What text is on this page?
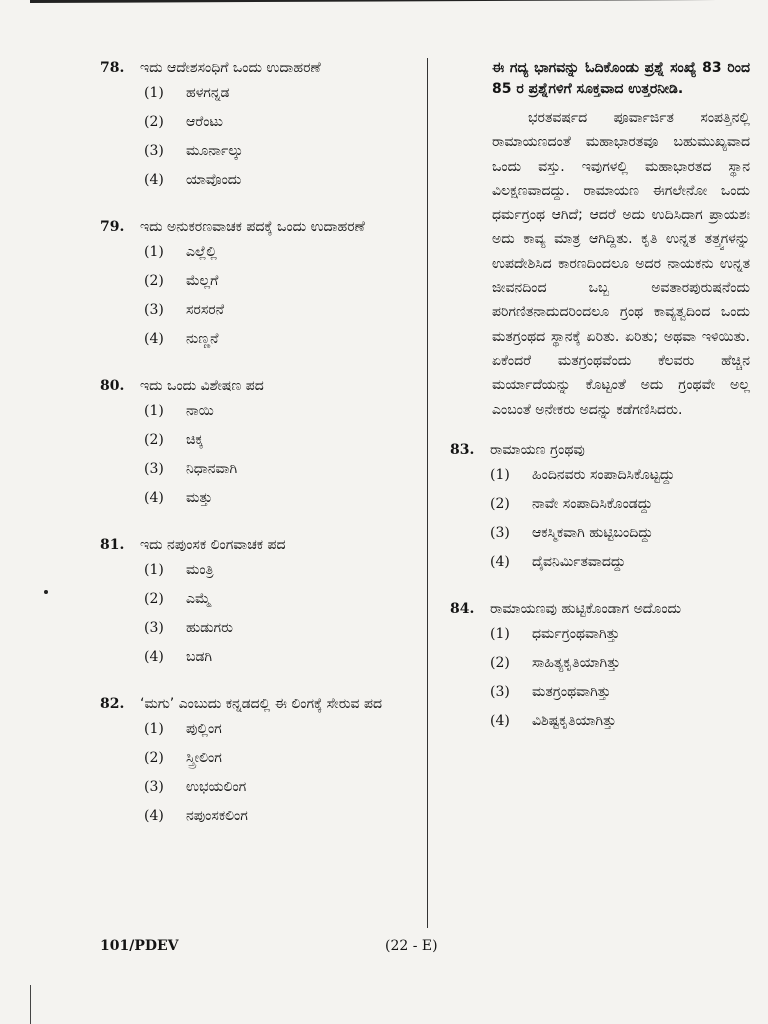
78.	ಇದು ಆದೇಶಸಂಧಿಗೆ ಒಂದು ಉದಾಹರಣೆ
(1)	ಹಳಗನ್ನಡ
(2)	ಆರೆಂಟು
(3)	ಮೂರ್ನಾಲ್ಕು
(4)	ಯಾವೊಂದು
79.	ಇದು ಅನುಕರಣವಾಚಕ ಪದಕ್ಕೆ ಒಂದು ಉದಾಹರಣೆ
(1)	ಎಲ್ಲೆಲ್ಲಿ
(2)	ಮೆಲ್ಲಗೆ
(3)	ಸರಸರನೆ
(4)	ನುಣ್ಣನೆ
80.	ಇದು ಒಂದು ವಿಶೇಷಣ ಪದ
(1)	ನಾಯಿ
(2)	ಚಿಕ್ಕ
(3)	ನಿಧಾನವಾಗಿ
(4)	ಮತ್ತು
81.	ಇದು ನಪುಂಸಕ ಲಿಂಗವಾಚಕ ಪದ
(1)	ಮಂತ್ರಿ
(2)	ಎಮ್ಮೆ
(3)	ಹುಡುಗರು
(4)	ಬಡಗಿ
82.	‘ಮಗು’ ಎಂಬುದು ಕನ್ನಡದಲ್ಲಿ ಈ ಲಿಂಗಕ್ಕೆ ಸೇರುವ ಪದ
(1)	ಪುಲ್ಲಿಂಗ
(2)	ಸ್ತ್ರೀಲಿಂಗ
(3)	ಉಭಯಲಿಂಗ
(4)	ನಪುಂಸಕಲಿಂಗ
ಈ ಗದ್ಯ ಭಾಗವನ್ನು ಓದಿಕೊಂಡು ಪ್ರಶ್ನೆ ಸಂಖ್ಯೆ 83 ರಿಂದ 85 ರ ಪ್ರಶ್ನೆಗಳಿಗೆ ಸೂಕ್ತವಾದ ಉತ್ತರನೀಡಿ.
ಭರತವರ್ಷದ ಪೂರ್ವಾರ್ಜಿತ ಸಂಪತ್ತಿನಲ್ಲಿ ರಾಮಾಯಣದಂತೆ ಮಹಾಭಾರತವೂ ಬಹುಮುಖ್ಯವಾದ ಒಂದು ವಸ್ತು. ಇವುಗಳಲ್ಲಿ ಮಹಾಭಾರತದ ಸ್ಥಾನ ವಿಲಕ್ಷಣವಾದದ್ದು. ರಾಮಾಯಣ ಈಗಲೇನೋ ಒಂದು ಧರ್ಮಗ್ರಂಥ ಆಗಿದೆ; ಆದರೆ ಅದು ಉದಿಸಿದಾಗ ಪ್ರಾಯಶಃ ಅದು ಕಾವ್ಯ ಮಾತ್ರ ಆಗಿದ್ದಿತು. ಕೃತಿ ಉನ್ನತ ತತ್ತ್ವಗಳನ್ನು ಉಪದೇಶಿಸಿದ ಕಾರಣದಿಂದಲೂ ಅದರ ನಾಯಕನು ಉನ್ನತ ಜೀವನದಿಂದ ಒಬ್ಬ ಅವತಾರಪುರುಷನೆಂದು ಪರಿಗಣಿತನಾದುದರಿಂದಲೂ ಗ್ರಂಥ ಕಾವ್ಯತ್ವದಿಂದ ಒಂದು ಮತಗ್ರಂಥದ ಸ್ಥಾನಕ್ಕೆ ಏರಿತು. ಏರಿತು; ಅಥವಾ ಇಳಿಯಿತು. ಏಕೆಂದರೆ ಮತಗ್ರಂಥವೆಂದು ಕೆಲವರು ಹೆಚ್ಚಿನ ಮರ್ಯಾದೆಯನ್ನು ಕೊಟ್ಟಂತೆ ಅದು ಗ್ರಂಥವೇ ಅಲ್ಲ ಎಂಬಂತೆ ಅನೇಕರು ಅದನ್ನು ಕಡೆಗಣಿಸಿದರು.
83.	ರಾಮಾಯಣ ಗ್ರಂಥವು
(1)	ಹಿಂದಿನವರು ಸಂಪಾದಿಸಿಕೊಟ್ಟದ್ದು
(2)	ನಾವೇ ಸಂಪಾದಿಸಿಕೊಂಡದ್ದು
(3)	ಆಕಸ್ಮಿಕವಾಗಿ ಹುಟ್ಟಿಬಂದಿದ್ದು
(4)	ದೈವನಿರ್ಮಿತವಾದದ್ದು
84.	ರಾಮಾಯಣವು ಹುಟ್ಟಿಕೊಂಡಾಗ ಅದೊಂದು
(1)	ಧರ್ಮಗ್ರಂಥವಾಗಿತ್ತು
(2)	ಸಾಹಿತ್ಯಕೃತಿಯಾಗಿತ್ತು
(3)	ಮತಗ್ರಂಥವಾಗಿತ್ತು
(4)	ವಿಶಿಷ್ಟಕೃತಿಯಾಗಿತ್ತು
101/PDEV	(22 - E)
